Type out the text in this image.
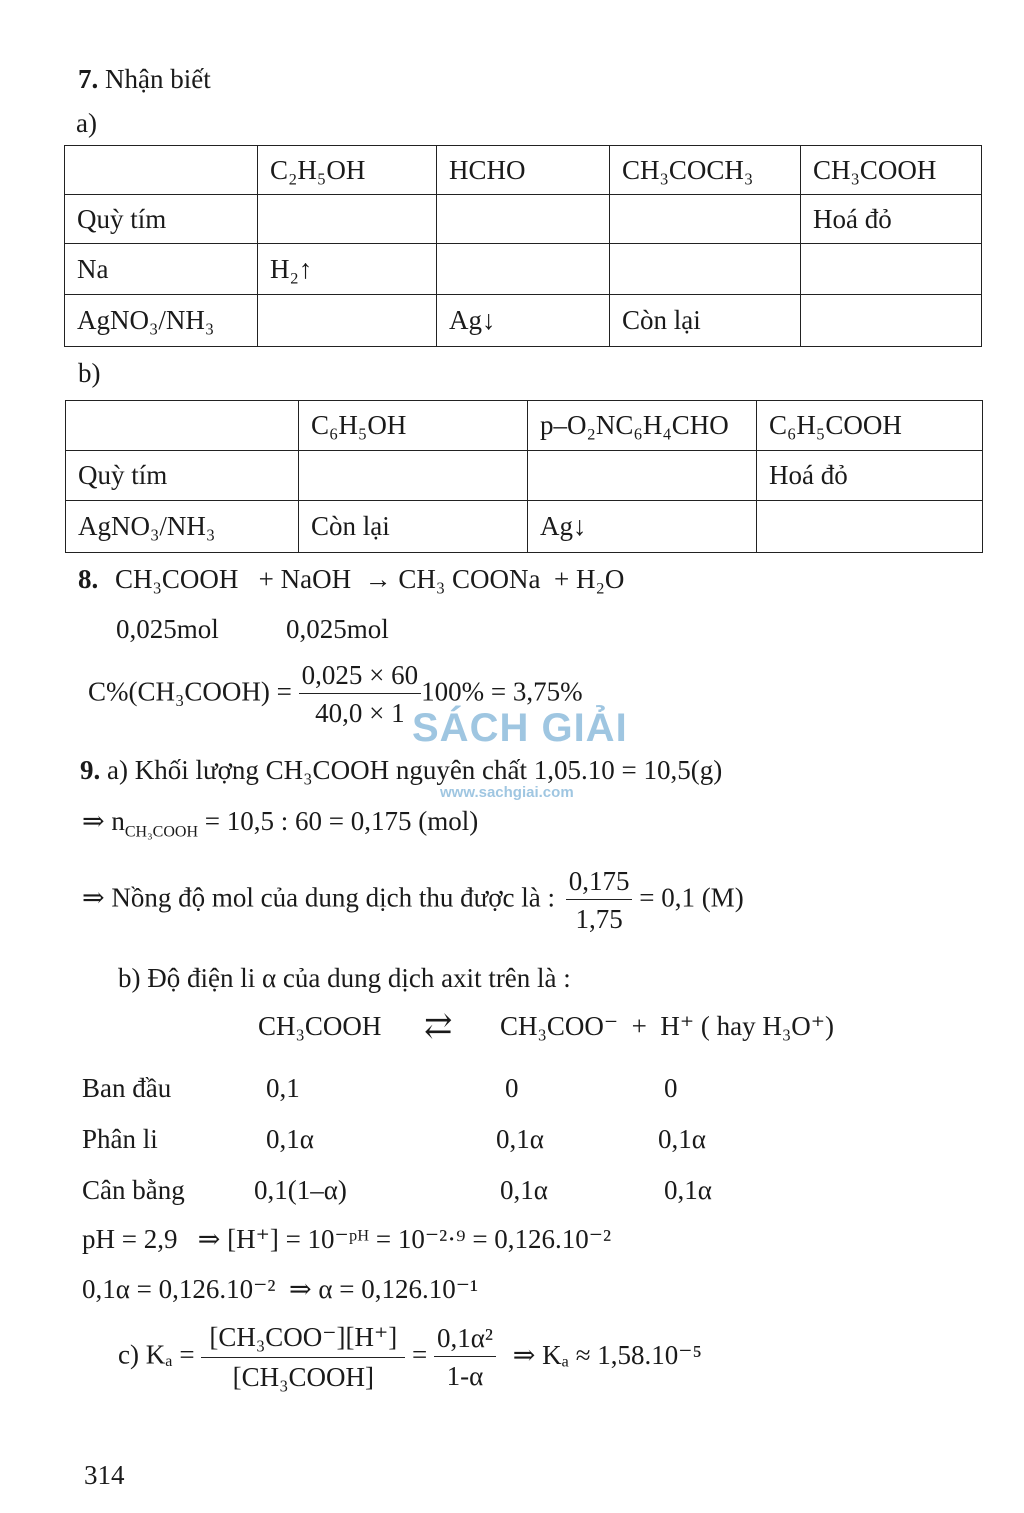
7. Nhận biết
a)
	C₂H₅OH	HCHO	CH₃COCH₃	CH₃COOH
Quỳ tím				Hoá đỏ
Na	H₂↑			
AgNO₃/NH₃		Ag↓	Còn lại	
b)
	C₆H₅OH	p–O₂NC₆H₄CHO	C₆H₅COOH
Quỳ tím			Hoá đỏ
AgNO₃/NH₃	Còn lại	Ag↓	
8. CH₃COOH   + NaOH  → CH₃ COONa  + H₂O
0,025mol 0,025mol
C%(CH₃COOH) = $\frac{0,025 \times 60}{40,0 \times 1} 100\% = 3,75\%$
SÁCH GIẢI
www.sachgiai.com
9. a) Khối lượng CH₃COOH nguyên chất 1,05.10 = 10,5(g)
⇒ $n_{CH_3COOH} = 10,5$ : 60 = 0,175 (mol)
⇒ Nồng độ mol của dung dịch thu được là : $\frac{0,175}{1,75} = 0,1$ (M)
b) Độ điện li α của dung dịch axit trên là :
CH₃COOH ⇄ CH₃COO⁻  +  H⁺ ( hay H₃O⁺)
Ban đầu	0,1	0	0
Phân li	0,1α	0,1α	0,1α
Cân bằng	0,1(1–α)	0,1α	0,1α
pH = 2,9   ⇒ [H⁺] = 10⁻ᵖᴴ = 10⁻²·⁹ = 0,126.10⁻²
0,1α = 0,126.10⁻²  ⇒ α = 0,126.10⁻¹
c) $K_a = \frac{\text{[CH₃COO⁻][H⁺]}}{\text{[CH₃COOH]}} = \frac{\text{0,1α²}}{1-\alpha}$ ⇒ Kₐ ≈ 1,58.10⁻⁵
314
